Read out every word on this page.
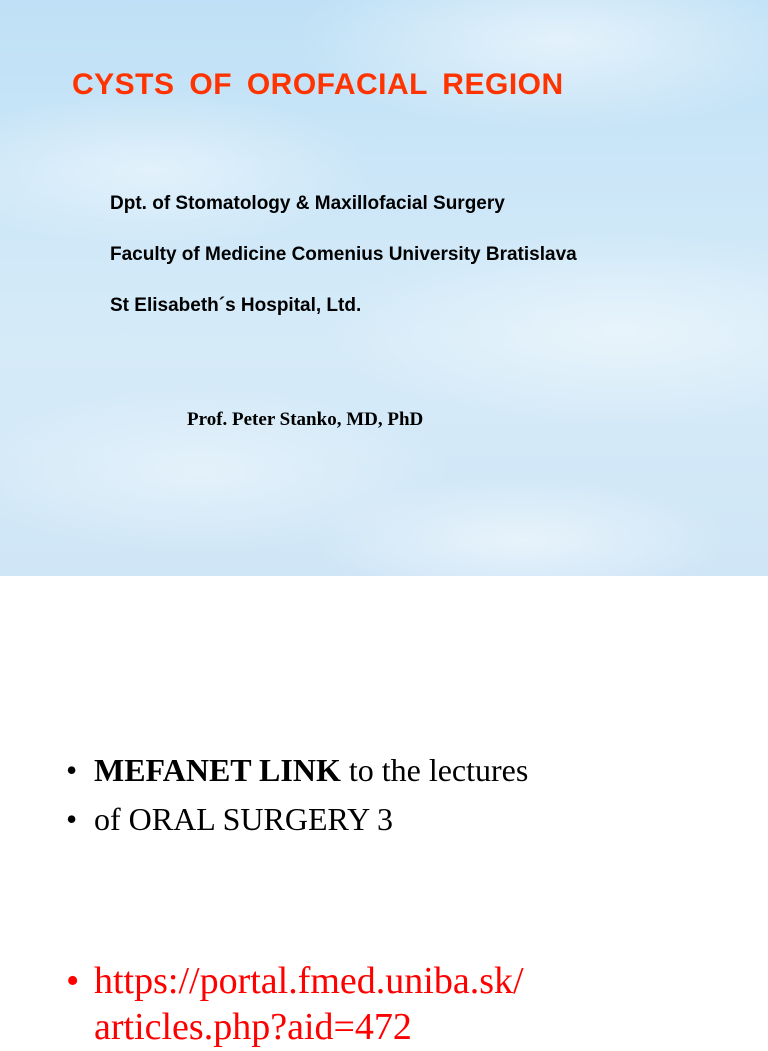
CYSTS OF OROFACIAL REGION

Dpt. of Stomatology & Maxillofacial Surgery

Faculty of Medicine Comenius University Bratislava

St Elisabeth´s Hospital, Ltd.

Prof. Peter Stanko, MD, PhD

• MEFANET LINK to the lectures
• of ORAL SURGERY 3
• https://portal.fmed.uniba.sk/
articles.php?aid=472
